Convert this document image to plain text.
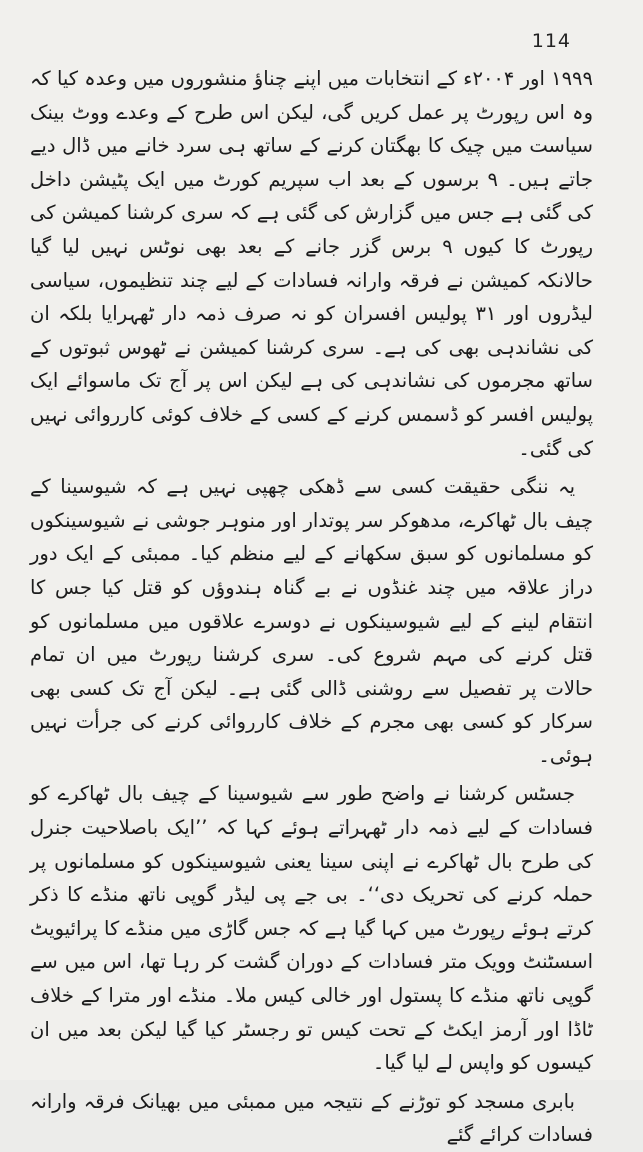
114

۱۹۹۹ اور ۲۰۰۴ء کے انتخابات میں اپنے چناؤ منشوروں میں وعدہ کیا کہ وہ اس رپورٹ پر عمل کریں گی، لیکن اس طرح کے وعدے ووٹ بینک سیاست میں چیک کا بھگتان کرنے کے ساتھ ہی سرد خانے میں ڈال دیے جاتے ہیں۔ ۹ برسوں کے بعد اب سپریم کورٹ میں ایک پٹیشن داخل کی گئی ہے جس میں گزارش کی گئی ہے کہ سری کرشنا کمیشن کی رپورٹ کا کیوں ۹ برس گزر جانے کے بعد بھی نوٹس نہیں لیا گیا حالانکہ کمیشن نے فرقہ وارانہ فسادات کے لیے چند تنظیموں، سیاسی لیڈروں اور ۳۱ پولیس افسران کو نہ صرف ذمہ دار ٹھہرایا بلکہ ان کی نشاندہی بھی کی ہے۔ سری کرشنا کمیشن نے ٹھوس ثبوتوں کے ساتھ مجرموں کی نشاندہی کی ہے لیکن اس پر آج تک ماسوائے ایک پولیس افسر کو ڈسمس کرنے کے کسی کے خلاف کوئی کارروائی نہیں کی گئی۔

یہ ننگی حقیقت کسی سے ڈھکی چھپی نہیں ہے کہ شیوسینا کے چیف بال ٹھاکرے، مدھوکر سر پوتدار اور منوہر جوشی نے شیوسینکوں کو مسلمانوں کو سبق سکھانے کے لیے منظم کیا۔ ممبئی کے ایک دور دراز علاقہ میں چند غنڈوں نے بے گناہ ہندوؤں کو قتل کیا جس کا انتقام لینے کے لیے شیوسینکوں نے دوسرے علاقوں میں مسلمانوں کو قتل کرنے کی مہم شروع کی۔ سری کرشنا رپورٹ میں ان تمام حالات پر تفصیل سے روشنی ڈالی گئی ہے۔ لیکن آج تک کسی بھی سرکار کو کسی بھی مجرم کے خلاف کارروائی کرنے کی جرأت نہیں ہوئی۔

جسٹس کرشنا نے واضح طور سے شیوسینا کے چیف بال ٹھاکرے کو فسادات کے لیے ذمہ دار ٹھہراتے ہوئے کہا کہ ’’ایک باصلاحیت جنرل کی طرح بال ٹھاکرے نے اپنی سینا یعنی شیوسینکوں کو مسلمانوں پر حملہ کرنے کی تحریک دی‘‘۔ بی جے پی لیڈر گوپی ناتھ منڈے کا ذکر کرتے ہوئے رپورٹ میں کہا گیا ہے کہ جس گاڑی میں منڈے کا پرائیویٹ اسسٹنٹ وویک متر فسادات کے دوران گشت کر رہا تھا، اس میں سے گوپی ناتھ منڈے کا پستول اور خالی کیس ملا۔ منڈے اور مترا کے خلاف ٹاڈا اور آرمز ایکٹ کے تحت کیس تو رجسٹر کیا گیا لیکن بعد میں ان کیسوں کو واپس لے لیا گیا۔

بابری مسجد کو توڑنے کے نتیجہ میں ممبئی میں بھیانک فرقہ وارانہ فسادات کرائے گئے
